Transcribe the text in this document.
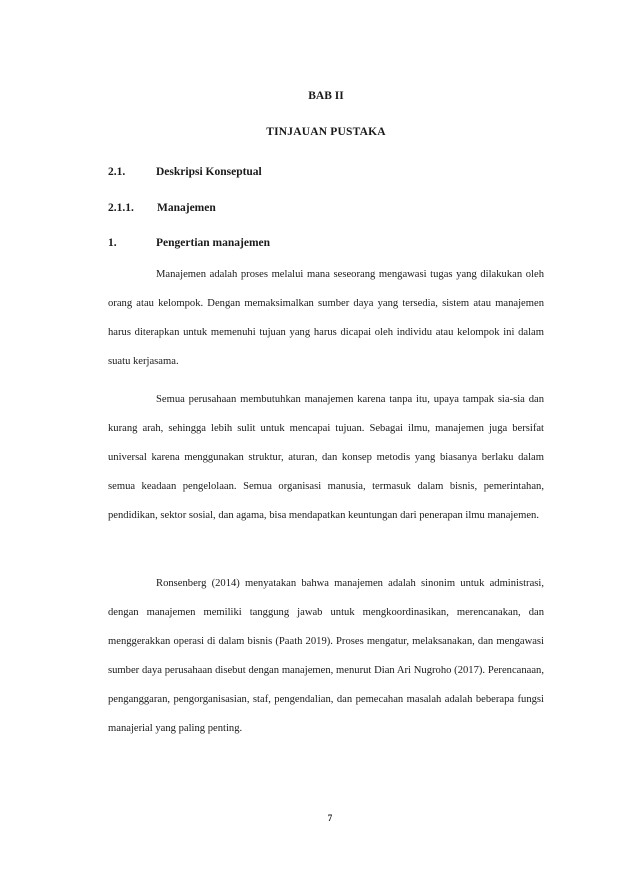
BAB II
TINJAUAN PUSTAKA
2.1.	Deskripsi Konseptual
2.1.1. Manajemen
1.	Pengertian manajemen

Manajemen adalah proses melalui mana seseorang mengawasi tugas yang dilakukan oleh orang atau kelompok. Dengan memaksimalkan sumber daya yang tersedia, sistem atau manajemen harus diterapkan untuk memenuhi tujuan yang harus dicapai oleh individu atau kelompok ini dalam suatu kerjasama.

Semua perusahaan membutuhkan manajemen karena tanpa itu, upaya tampak sia-sia dan kurang arah, sehingga lebih sulit untuk mencapai tujuan. Sebagai ilmu, manajemen juga bersifat universal karena menggunakan struktur, aturan, dan konsep metodis yang biasanya berlaku dalam semua keadaan pengelolaan. Semua organisasi manusia, termasuk dalam bisnis, pemerintahan, pendidikan, sektor sosial, dan agama, bisa mendapatkan keuntungan dari penerapan ilmu manajemen.

Ronsenberg (2014) menyatakan bahwa manajemen adalah sinonim untuk administrasi, dengan manajemen memiliki tanggung jawab untuk mengkoordinasikan, merencanakan, dan menggerakkan operasi di dalam bisnis (Paath 2019). Proses mengatur, melaksanakan, dan mengawasi sumber daya perusahaan disebut dengan manajemen, menurut Dian Ari Nugroho (2017). Perencanaan, penganggaran, pengorganisasian, staf, pengendalian, dan pemecahan masalah adalah beberapa fungsi manajerial yang paling penting.

7
